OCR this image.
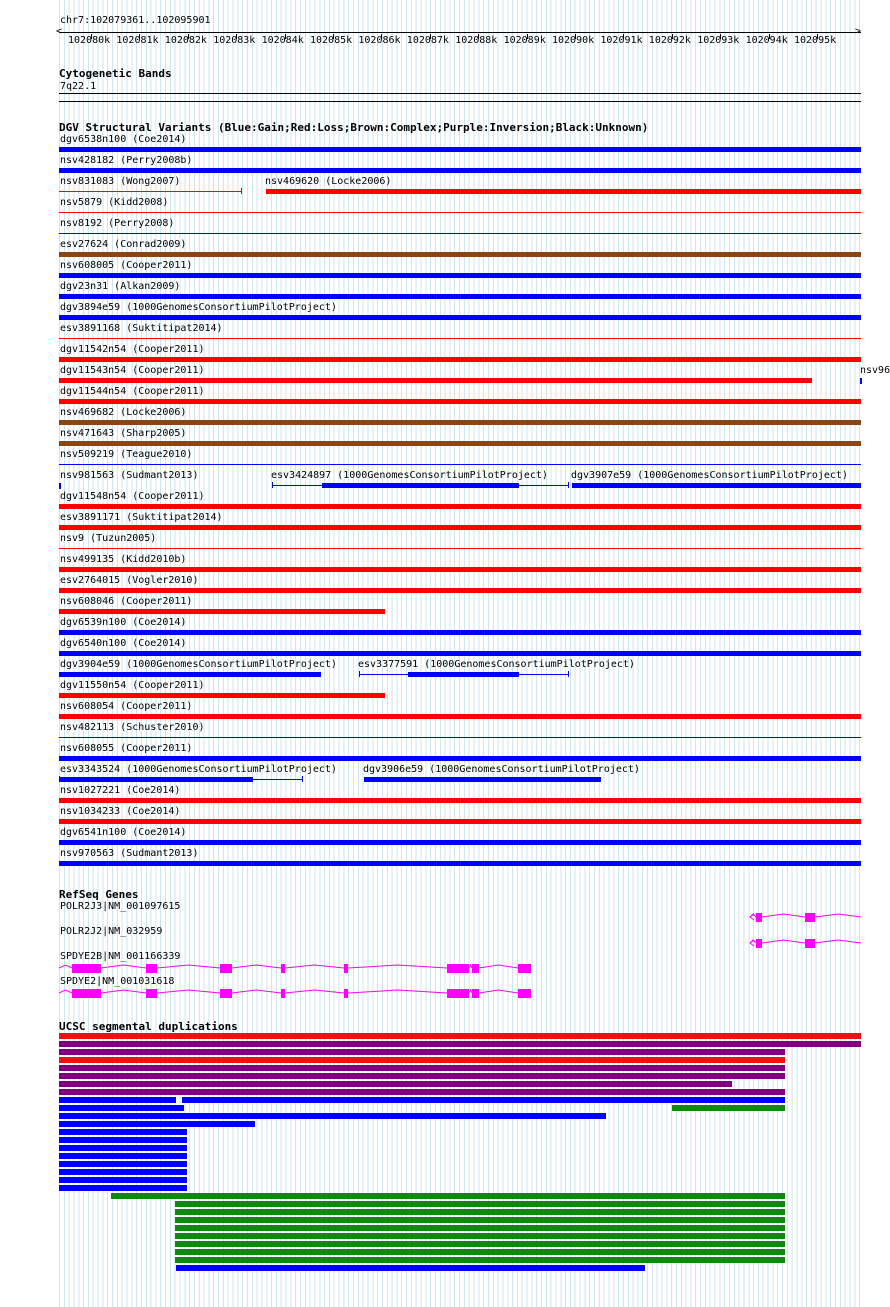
chr7:102079361..102095901
<	>
102080k 102081k 102082k 102083k 102084k 102085k 102086k 102087k 102088k 102089k 102090k 102091k 102092k 102093k 102094k 102095k
Cytogenetic Bands
7q22.1
DGV Structural Variants (Blue:Gain;Red:Loss;Brown:Complex;Purple:Inversion;Black:Unknown)
dgv6538n100 (Coe2014)
nsv428182 (Perry2008b)
nsv831083 (Wong2007)	nsv469620 (Locke2006)
nsv5879 (Kidd2008)
nsv8192 (Perry2008)
esv27624 (Conrad2009)
nsv608005 (Cooper2011)
dgv23n31 (Alkan2009)
dgv3894e59 (1000GenomesConsortiumPilotProject)
esv3891168 (Suktitipat2014)
dgv11542n54 (Cooper2011)
dgv11543n54 (Cooper2011)	nsv96
dgv11544n54 (Cooper2011)
nsv469682 (Locke2006)
nsv471643 (Sharp2005)
nsv509219 (Teague2010)
nsv981563 (Sudmant2013)	esv3424897 (1000GenomesConsortiumPilotProject) dgv3907e59 (1000GenomesConsortiumPilotProject)
dgv11548n54 (Cooper2011)
esv3891171 (Suktitipat2014)
nsv9 (Tuzun2005)
nsv499135 (Kidd2010b)
esv2764015 (Vogler2010)
nsv608046 (Cooper2011)
dgv6539n100 (Coe2014)
dgv6540n100 (Coe2014)
dgv3904e59 (1000GenomesConsortiumPilotProject) esv3377591 (1000GenomesConsortiumPilotProject)
dgv11550n54 (Cooper2011)
nsv608054 (Cooper2011)
nsv482113 (Schuster2010)
nsv608055 (Cooper2011)
esv3343524 (1000GenomesConsortiumPilotProject)	dgv3906e59 (1000GenomesConsortiumPilotProject)
nsv1027221 (Coe2014)
nsv1034233 (Coe2014)
dgv6541n100 (Coe2014)
nsv970563 (Sudmant2013)
RefSeq Genes
POLR2J3|NM_001097615
POLR2J2|NM_032959
SPDYE2B|NM_001166339
SPDYE2|NM_001031618
UCSC segmental duplications
